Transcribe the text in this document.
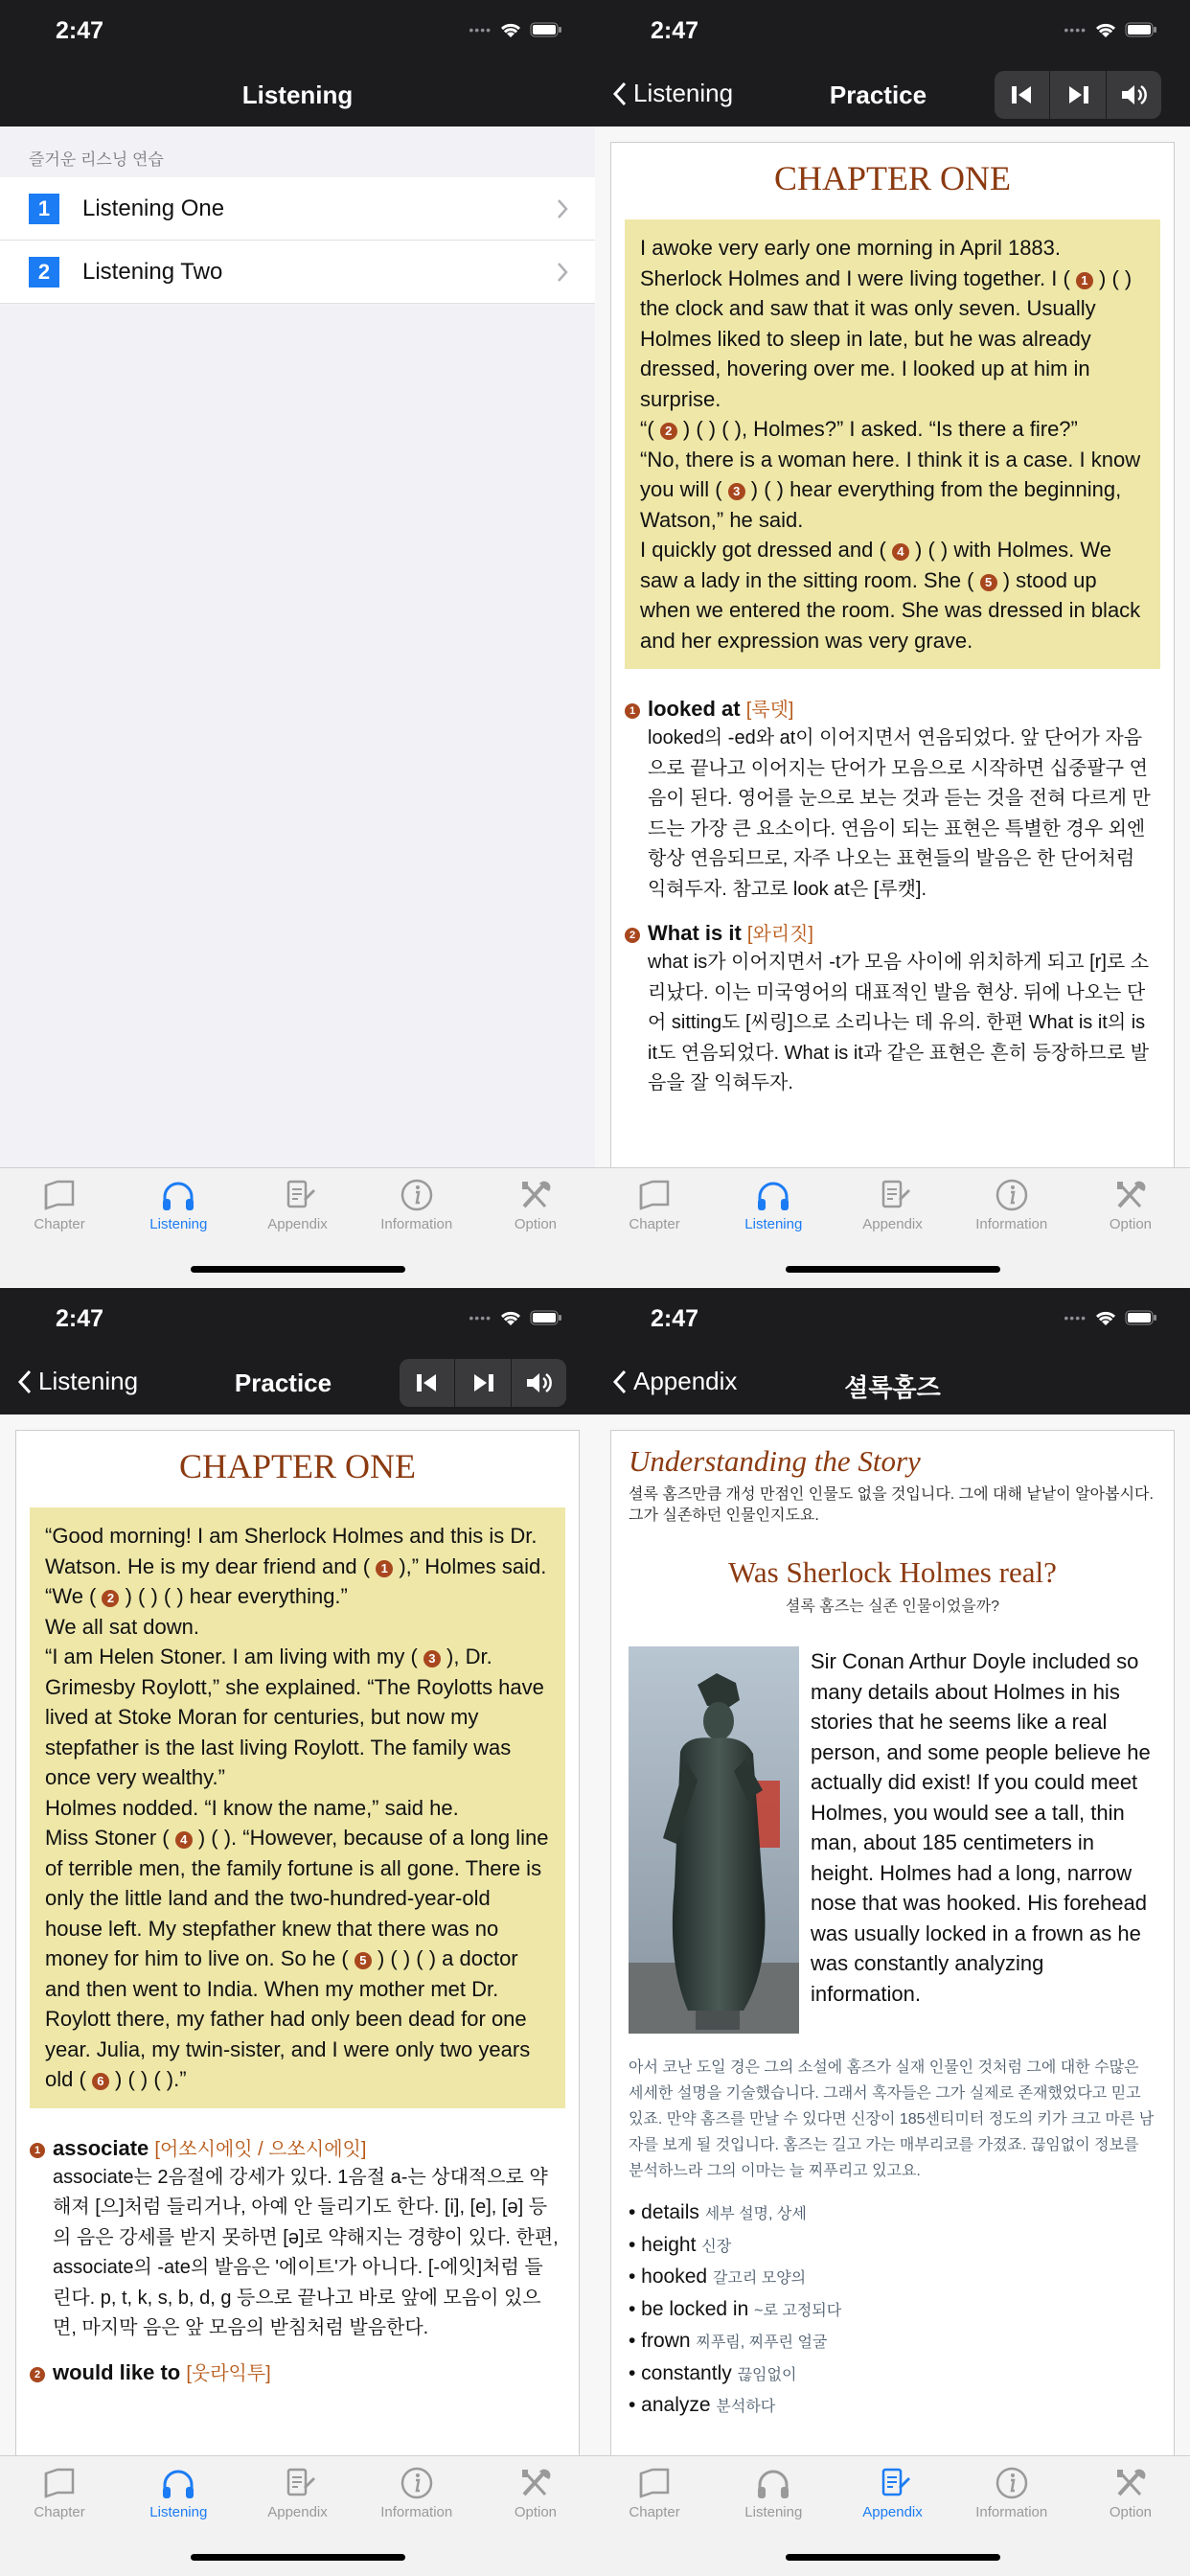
2:47	••••
Listening
즐거운 리스닝 연습
1	Listening One
2	Listening Two
Chapter	Listening	Appendix	Information	Option
2:47	••••
Listening	Practice
CHAPTER ONE

I awoke very early one morning in April 1883. Sherlock Holmes and I were living together. I ( 1 ) ( ) the clock and saw that it was only seven. Usually Holmes liked to sleep in late, but he was already dressed, hovering over me. I looked up at him in surprise.

“( 2 ) ( ) ( ), Holmes?” I asked. “Is there a fire?”

“No, there is a woman here. I think it is a case. I know you will ( 3 ) ( ) hear everything from the beginning, Watson,” he said.

I quickly got dressed and ( 4 ) ( ) with Holmes. We saw a lady in the sitting room. She ( 5 ) stood up when we entered the room. She was dressed in black and her expression was very grave.

1 looked at [룩뎃]
looked의 -ed와 at이 이어지면서 연음되었다. 앞 단어가 자음으로 끝나고 이어지는 단어가 모음으로 시작하면 십중팔구 연음이 된다. 영어를 눈으로 보는 것과 듣는 것을 전혀 다르게 만드는 가장 큰 요소이다. 연음이 되는 표현은 특별한 경우 외엔 항상 연음되므로, 자주 나오는 표현들의 발음은 한 단어처럼 익혀두자. 참고로 look at은 [루캣].
2 What is it [와리짓]
what is가 이어지면서 -t가 모음 사이에 위치하게 되고 [r]로 소리났다. 이는 미국영어의 대표적인 발음 현상. 뒤에 나오는 단어 sitting도 [씨링]으로 소리나는 데 유의. 한편 What is it의 is it도 연음되었다. What is it과 같은 표현은 흔히 등장하므로 발음을 잘 익혀두자.
Chapter	Listening	Appendix	Information	Option
2:47	••••
Listening	Practice
CHAPTER ONE

“Good morning! I am Sherlock Holmes and this is Dr. Watson. He is my dear friend and ( 1 ),” Holmes said. “We ( 2 ) ( ) ( ) hear everything.”

We all sat down.

“I am Helen Stoner. I am living with my ( 3 ), Dr. Grimesby Roylott,” she explained. “The Roylotts have lived at Stoke Moran for centuries, but now my stepfather is the last living Roylott. The family was once very wealthy.”

Holmes nodded. “I know the name,” said he.

Miss Stoner ( 4 ) ( ). “However, because of a long line of terrible men, the family fortune is all gone. There is only the little land and the two-hundred-year-old house left. My stepfather knew that there was no money for him to live on. So he ( 5 ) ( ) ( ) a doctor and then went to India. When my mother met Dr. Roylott there, my father had only been dead for one year. Julia, my twin-sister, and I were only two years old ( 6 ) ( ) ( ).”

1 associate [어쏘시에잇 / 으쏘시에잇]
associate는 2음절에 강세가 있다. 1음절 a-는 상대적으로 약해져 [으]처럼 들리거나, 아예 안 들리기도 한다. [i], [e], [ə] 등의 음은 강세를 받지 못하면 [ə]로 약해지는 경향이 있다. 한편, associate의 -ate의 발음은 '에이트'가 아니다. [-에잇]처럼 들린다. p, t, k, s, b, d, g 등으로 끝나고 바로 앞에 모음이 있으면, 마지막 음은 앞 모음의 받침처럼 발음한다.
2 would like to [웃라익투]
Chapter	Listening	Appendix	Information	Option
2:47	••••
Appendix	셜록홈즈
Understanding the Story
셜록 홈즈만큼 개성 만점인 인물도 없을 것입니다. 그에 대해 낱낱이 알아봅시다. 그가 실존하던 인물인지도요.
Was Sherlock Holmes real?
셜록 홈즈는 실존 인물이었을까?
Sir Conan Arthur Doyle included so many details about Holmes in his stories that he seems like a real person, and some people believe he actually did exist! If you could meet Holmes, you would see a tall, thin man, about 185 centimeters in height. Holmes had a long, narrow nose that was hooked. His forehead was usually locked in a frown as he was constantly analyzing information.
아서 코난 도일 경은 그의 소설에 홈즈가 실재 인물인 것처럼 그에 대한 수많은 세세한 설명을 기술했습니다. 그래서 혹자들은 그가 실제로 존재했었다고 믿고 있죠. 만약 홈즈를 만날 수 있다면 신장이 185센티미터 정도의 키가 크고 마른 남자를 보게 될 것입니다. 홈즈는 길고 가는 매부리코를 가졌죠. 끊임없이 정보를 분석하느라 그의 이마는 늘 찌푸리고 있고요.
• details 세부 설명, 상세
• height 신장
• hooked 갈고리 모양의
• be locked in ~로 고정되다
• frown 찌푸림, 찌푸린 얼굴
• constantly 끊임없이
• analyze 분석하다
Chapter	Listening	Appendix	Information	Option
